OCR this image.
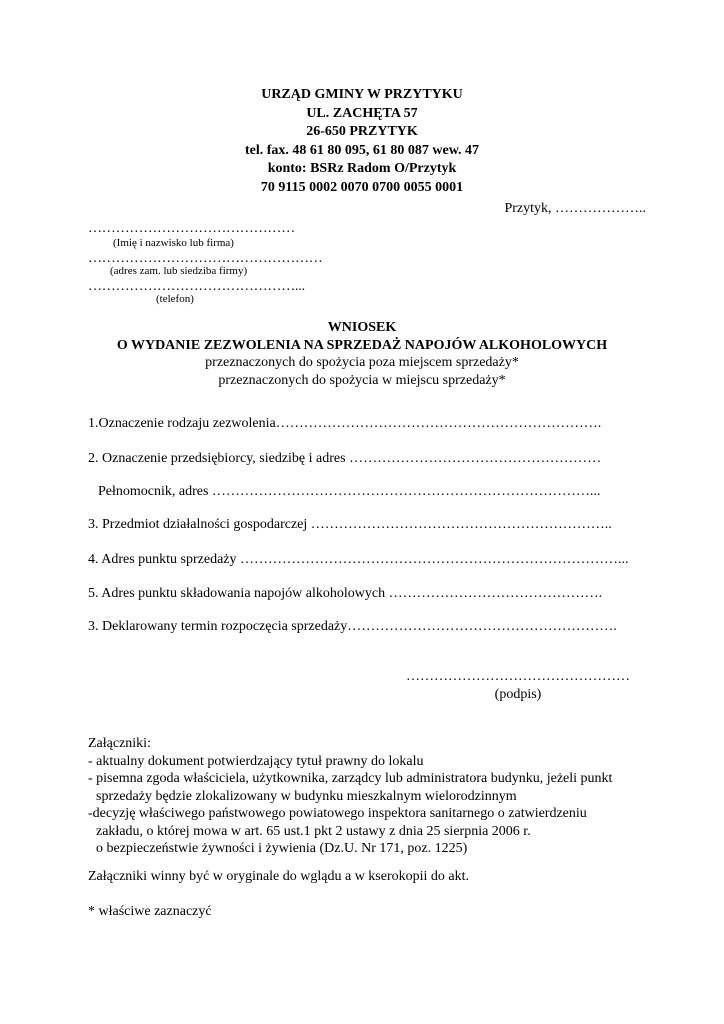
URZĄD GMINY W PRZYTYKU
UL. ZACHĘTA 57
26-650 PRZYTYK
tel. fax. 48 61 80 095, 61 80 087 wew. 47
konto: BSRz Radom O/Przytyk
70 9115 0002 0070 0700 0055 0001
Przytyk, ………………..
………………………………………
(Imię i nazwisko lub firma)
……………………………………………
(adres zam. lub siedziba firmy)
………………………………………...
(telefon)
WNIOSEK
O WYDANIE ZEZWOLENIA NA SPRZEDAŻ NAPOJÓW ALKOHOLOWYCH
przeznaczonych do spożycia poza miejscem sprzedaży*
przeznaczonych do spożycia w miejscu sprzedaży*
1.Oznaczenie rodzaju zezwolenia…………………………………………………………….
2. Oznaczenie przedsiębiorcy, siedzibę i adres ………………………………………………
Pełnomocnik, adres ………………………………………………………………………...
3. Przedmiot działalności gospodarczej ………………………………………………………..
4. Adres punktu sprzedaży ………………………………………………………………………...
5. Adres punktu składowania napojów alkoholowych ……………………………………….
3. Deklarowany termin rozpoczęcia sprzedaży………………………………………………….
…………………………………………
(podpis)
Załączniki:
- aktualny dokument potwierdzający tytuł prawny do lokalu
- pisemna zgoda właściciela, użytkownika, zarządcy lub administratora budynku, jeżeli punkt
sprzedaży będzie zlokalizowany w budynku mieszkalnym wielorodzinnym
-decyzję właściwego państwowego powiatowego inspektora sanitarnego o zatwierdzeniu
zakładu, o której mowa w art. 65 ust.1 pkt 2 ustawy z dnia 25 sierpnia 2006 r.
o bezpieczeństwie żywności i żywienia (Dz.U. Nr 171, poz. 1225)
Załączniki winny być w oryginale do wglądu a w kserokopii do akt.
* właściwe zaznaczyć
